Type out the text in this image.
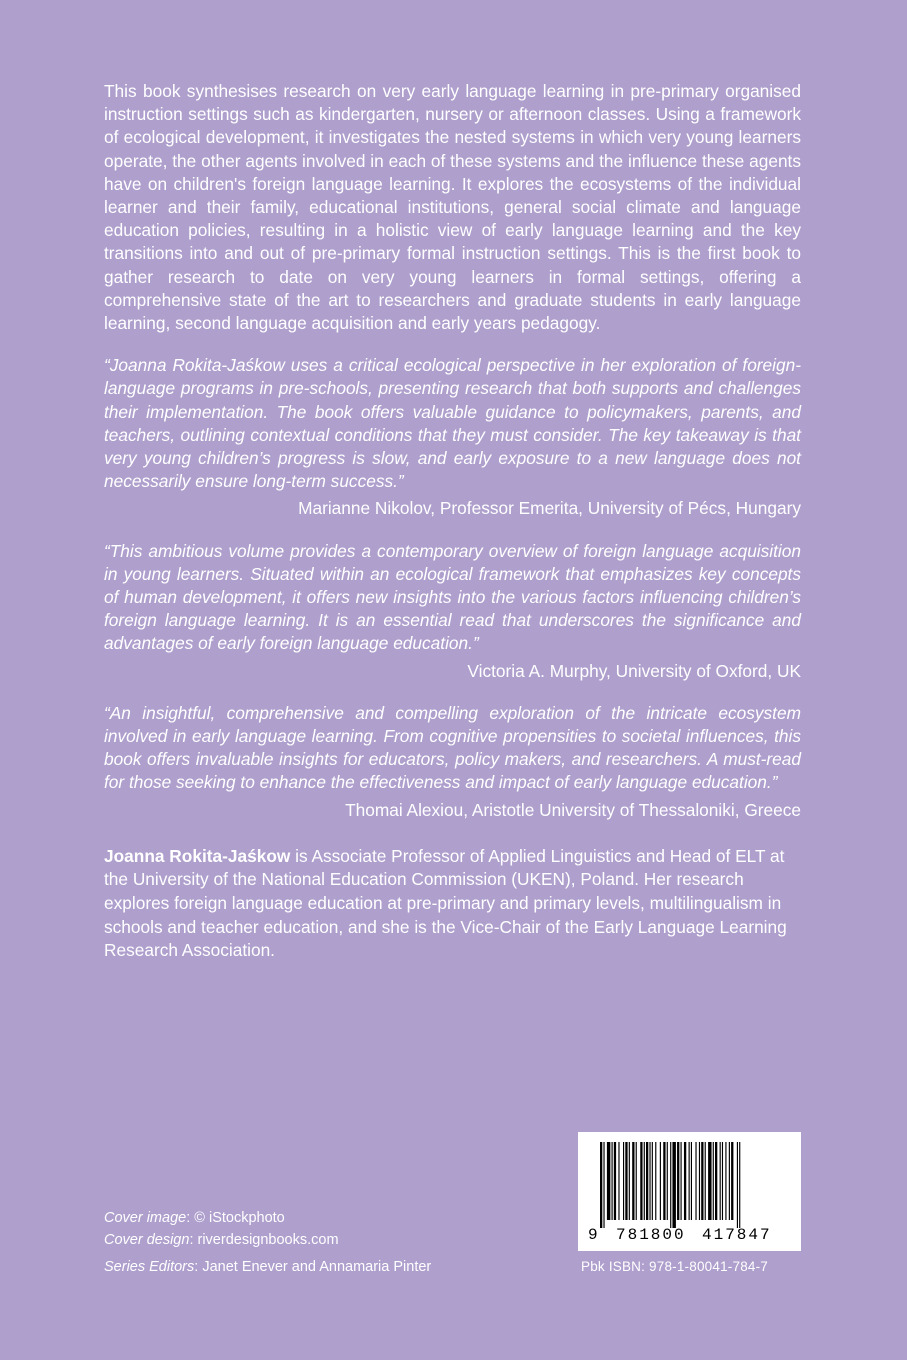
This book synthesises research on very early language learning in pre-primary organised instruction settings such as kindergarten, nursery or afternoon classes. Using a framework of ecological development, it investigates the nested systems in which very young learners operate, the other agents involved in each of these systems and the influence these agents have on children's foreign language learning. It explores the ecosystems of the individual learner and their family, educational institutions, general social climate and language education policies, resulting in a holistic view of early language learning and the key transitions into and out of pre-primary formal instruction settings. This is the first book to gather research to date on very young learners in formal settings, offering a comprehensive state of the art to researchers and graduate students in early language learning, second language acquisition and early years pedagogy.

“Joanna Rokita-Jaśkow uses a critical ecological perspective in her exploration of foreign-language programs in pre-schools, presenting research that both supports and challenges their implementation. The book offers valuable guidance to policymakers, parents, and teachers, outlining contextual conditions that they must consider. The key takeaway is that very young children’s progress is slow, and early exposure to a new language does not necessarily ensure long-term success.”

Marianne Nikolov, Professor Emerita, University of Pécs, Hungary

“This ambitious volume provides a contemporary overview of foreign language acquisition in young learners. Situated within an ecological framework that emphasizes key concepts of human development, it offers new insights into the various factors influencing children’s foreign language learning. It is an essential read that underscores the significance and advantages of early foreign language education.”

Victoria A. Murphy, University of Oxford, UK

“An insightful, comprehensive and compelling exploration of the intricate ecosystem involved in early language learning. From cognitive propensities to societal influences, this book offers invaluable insights for educators, policy makers, and researchers. A must-read for those seeking to enhance the effectiveness and impact of early language education.”

Thomai Alexiou, Aristotle University of Thessaloniki, Greece

Joanna Rokita-Jaśkow is Associate Professor of Applied Linguistics and Head of ELT at the University of the National Education Commission (UKEN), Poland. Her research explores foreign language education at pre-primary and primary levels, multilingualism in schools and teacher education, and she is the Vice-Chair of the Early Language Learning Research Association.

Cover image: © iStockphoto
Cover design: riverdesignbooks.com
Series Editors: Janet Enever and Annamaria Pinter
9 781800 417847
Pbk ISBN: 978-1-80041-784-7
